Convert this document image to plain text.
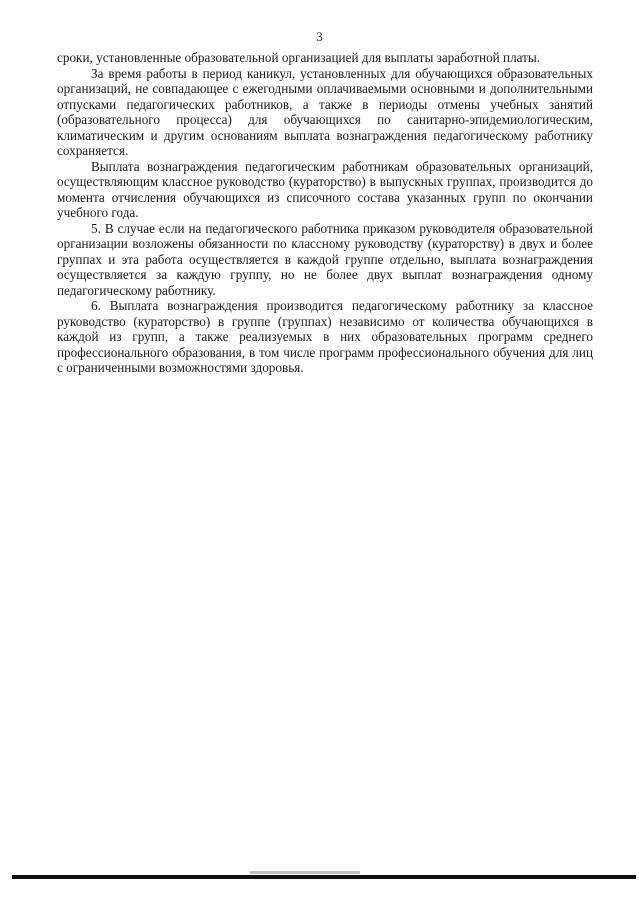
3

сроки, установленные образовательной организацией для выплаты заработной платы.

За время работы в период каникул, установленных для обучающихся образовательных организаций, не совпадающее с ежегодными оплачиваемыми основными и дополнительными отпусками педагогических работников, а также в периоды отмены учебных занятий (образовательного процесса) для обучающихся по санитарно-эпидемиологическим, климатическим и другим основаниям выплата вознаграждения педагогическому работнику сохраняется.

Выплата вознаграждения педагогическим работникам образовательных организаций, осуществляющим классное руководство (кураторство) в выпускных группах, производится до момента отчисления обучающихся из списочного состава указанных групп по окончании учебного года.

5. В случае если на педагогического работника приказом руководителя образовательной организации возложены обязанности по классному руководству (кураторству) в двух и более группах и эта работа осуществляется в каждой группе отдельно, выплата вознаграждения осуществляется за каждую группу, но не более двух выплат вознаграждения одному педагогическому работнику.

6. Выплата вознаграждения производится педагогическому работнику за классное руководство (кураторство) в группе (группах) независимо от количества обучающихся в каждой из групп, а также реализуемых в них образовательных программ среднего профессионального образования, в том числе программ профессионального обучения для лиц с ограниченными возможностями здоровья.
